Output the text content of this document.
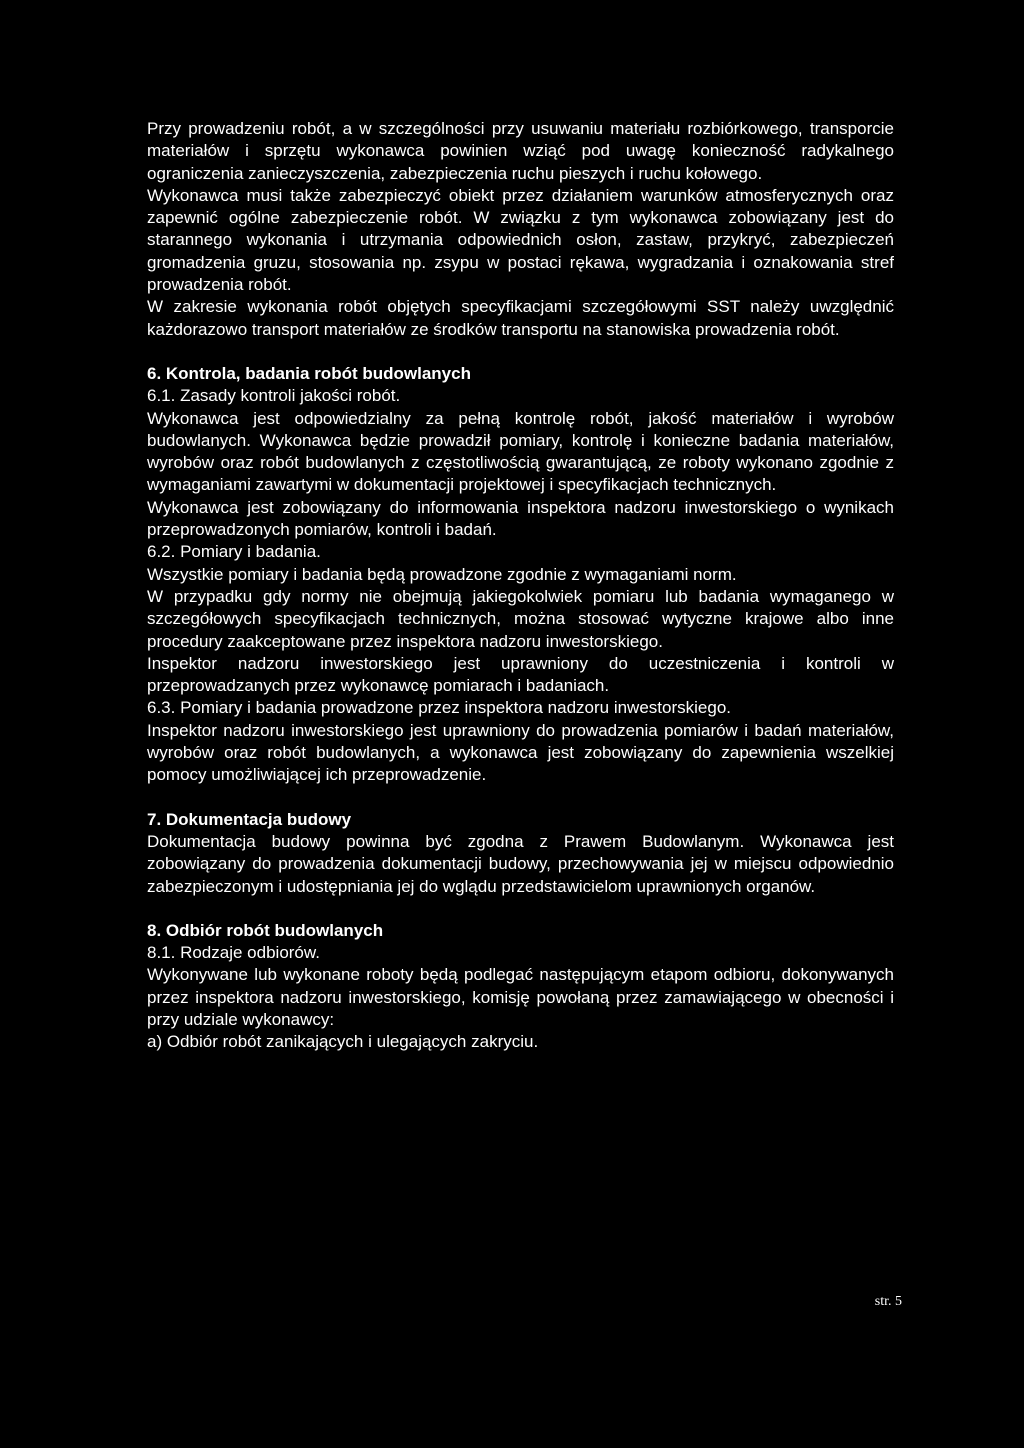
Przy prowadzeniu robót, a w szczególności przy usuwaniu materiału rozbiórkowego, transporcie materiałów i sprzętu wykonawca powinien wziąć pod uwagę konieczność radykalnego ograniczenia zanieczyszczenia, zabezpieczenia ruchu pieszych i ruchu kołowego.

Wykonawca musi także zabezpieczyć obiekt przez działaniem warunków atmosferycznych oraz zapewnić ogólne zabezpieczenie robót. W związku z tym wykonawca zobowiązany jest do starannego wykonania i utrzymania odpowiednich osłon, zastaw, przykryć, zabezpieczeń gromadzenia gruzu, stosowania np. zsypu w postaci rękawa, wygradzania i oznakowania stref prowadzenia robót.

W zakresie wykonania robót objętych specyfikacjami szczegółowymi SST należy uwzględnić każdorazowo transport materiałów ze środków transportu na stanowiska prowadzenia robót.

6. Kontrola, badania robót budowlanych

6.1. Zasady kontroli jakości robót.

Wykonawca jest odpowiedzialny za pełną kontrolę robót, jakość materiałów i wyrobów budowlanych. Wykonawca będzie prowadził pomiary, kontrolę i konieczne badania materiałów, wyrobów oraz robót budowlanych z częstotliwością gwarantującą, ze roboty wykonano zgodnie z wymaganiami zawartymi w dokumentacji projektowej i specyfikacjach technicznych.

Wykonawca jest zobowiązany do informowania inspektora nadzoru inwestorskiego o wynikach przeprowadzonych pomiarów, kontroli i badań.

6.2. Pomiary i badania.

Wszystkie pomiary i badania będą prowadzone zgodnie z wymaganiami norm.

W przypadku gdy normy nie obejmują jakiegokolwiek pomiaru lub badania wymaganego w szczegółowych specyfikacjach technicznych, można stosować wytyczne krajowe albo inne procedury zaakceptowane przez inspektora nadzoru inwestorskiego.

Inspektor nadzoru inwestorskiego jest uprawniony do uczestniczenia i kontroli w przeprowadzanych przez wykonawcę pomiarach i badaniach.

6.3. Pomiary i badania prowadzone przez inspektora nadzoru inwestorskiego.

Inspektor nadzoru inwestorskiego jest uprawniony do prowadzenia pomiarów i badań materiałów, wyrobów oraz robót budowlanych, a wykonawca jest zobowiązany do zapewnienia wszelkiej pomocy umożliwiającej ich przeprowadzenie.

7. Dokumentacja budowy

Dokumentacja budowy powinna być zgodna z Prawem Budowlanym. Wykonawca jest zobowiązany do prowadzenia dokumentacji budowy, przechowywania jej w miejscu odpowiednio zabezpieczonym i udostępniania jej do wglądu przedstawicielom uprawnionych organów.

8. Odbiór robót budowlanych

8.1. Rodzaje odbiorów.

Wykonywane lub wykonane roboty będą podlegać następującym etapom odbioru, dokonywanych przez inspektora nadzoru inwestorskiego, komisję powołaną przez zamawiającego w obecności i przy udziale wykonawcy:

a) Odbiór robót zanikających i ulegających zakryciu.

str. 5
